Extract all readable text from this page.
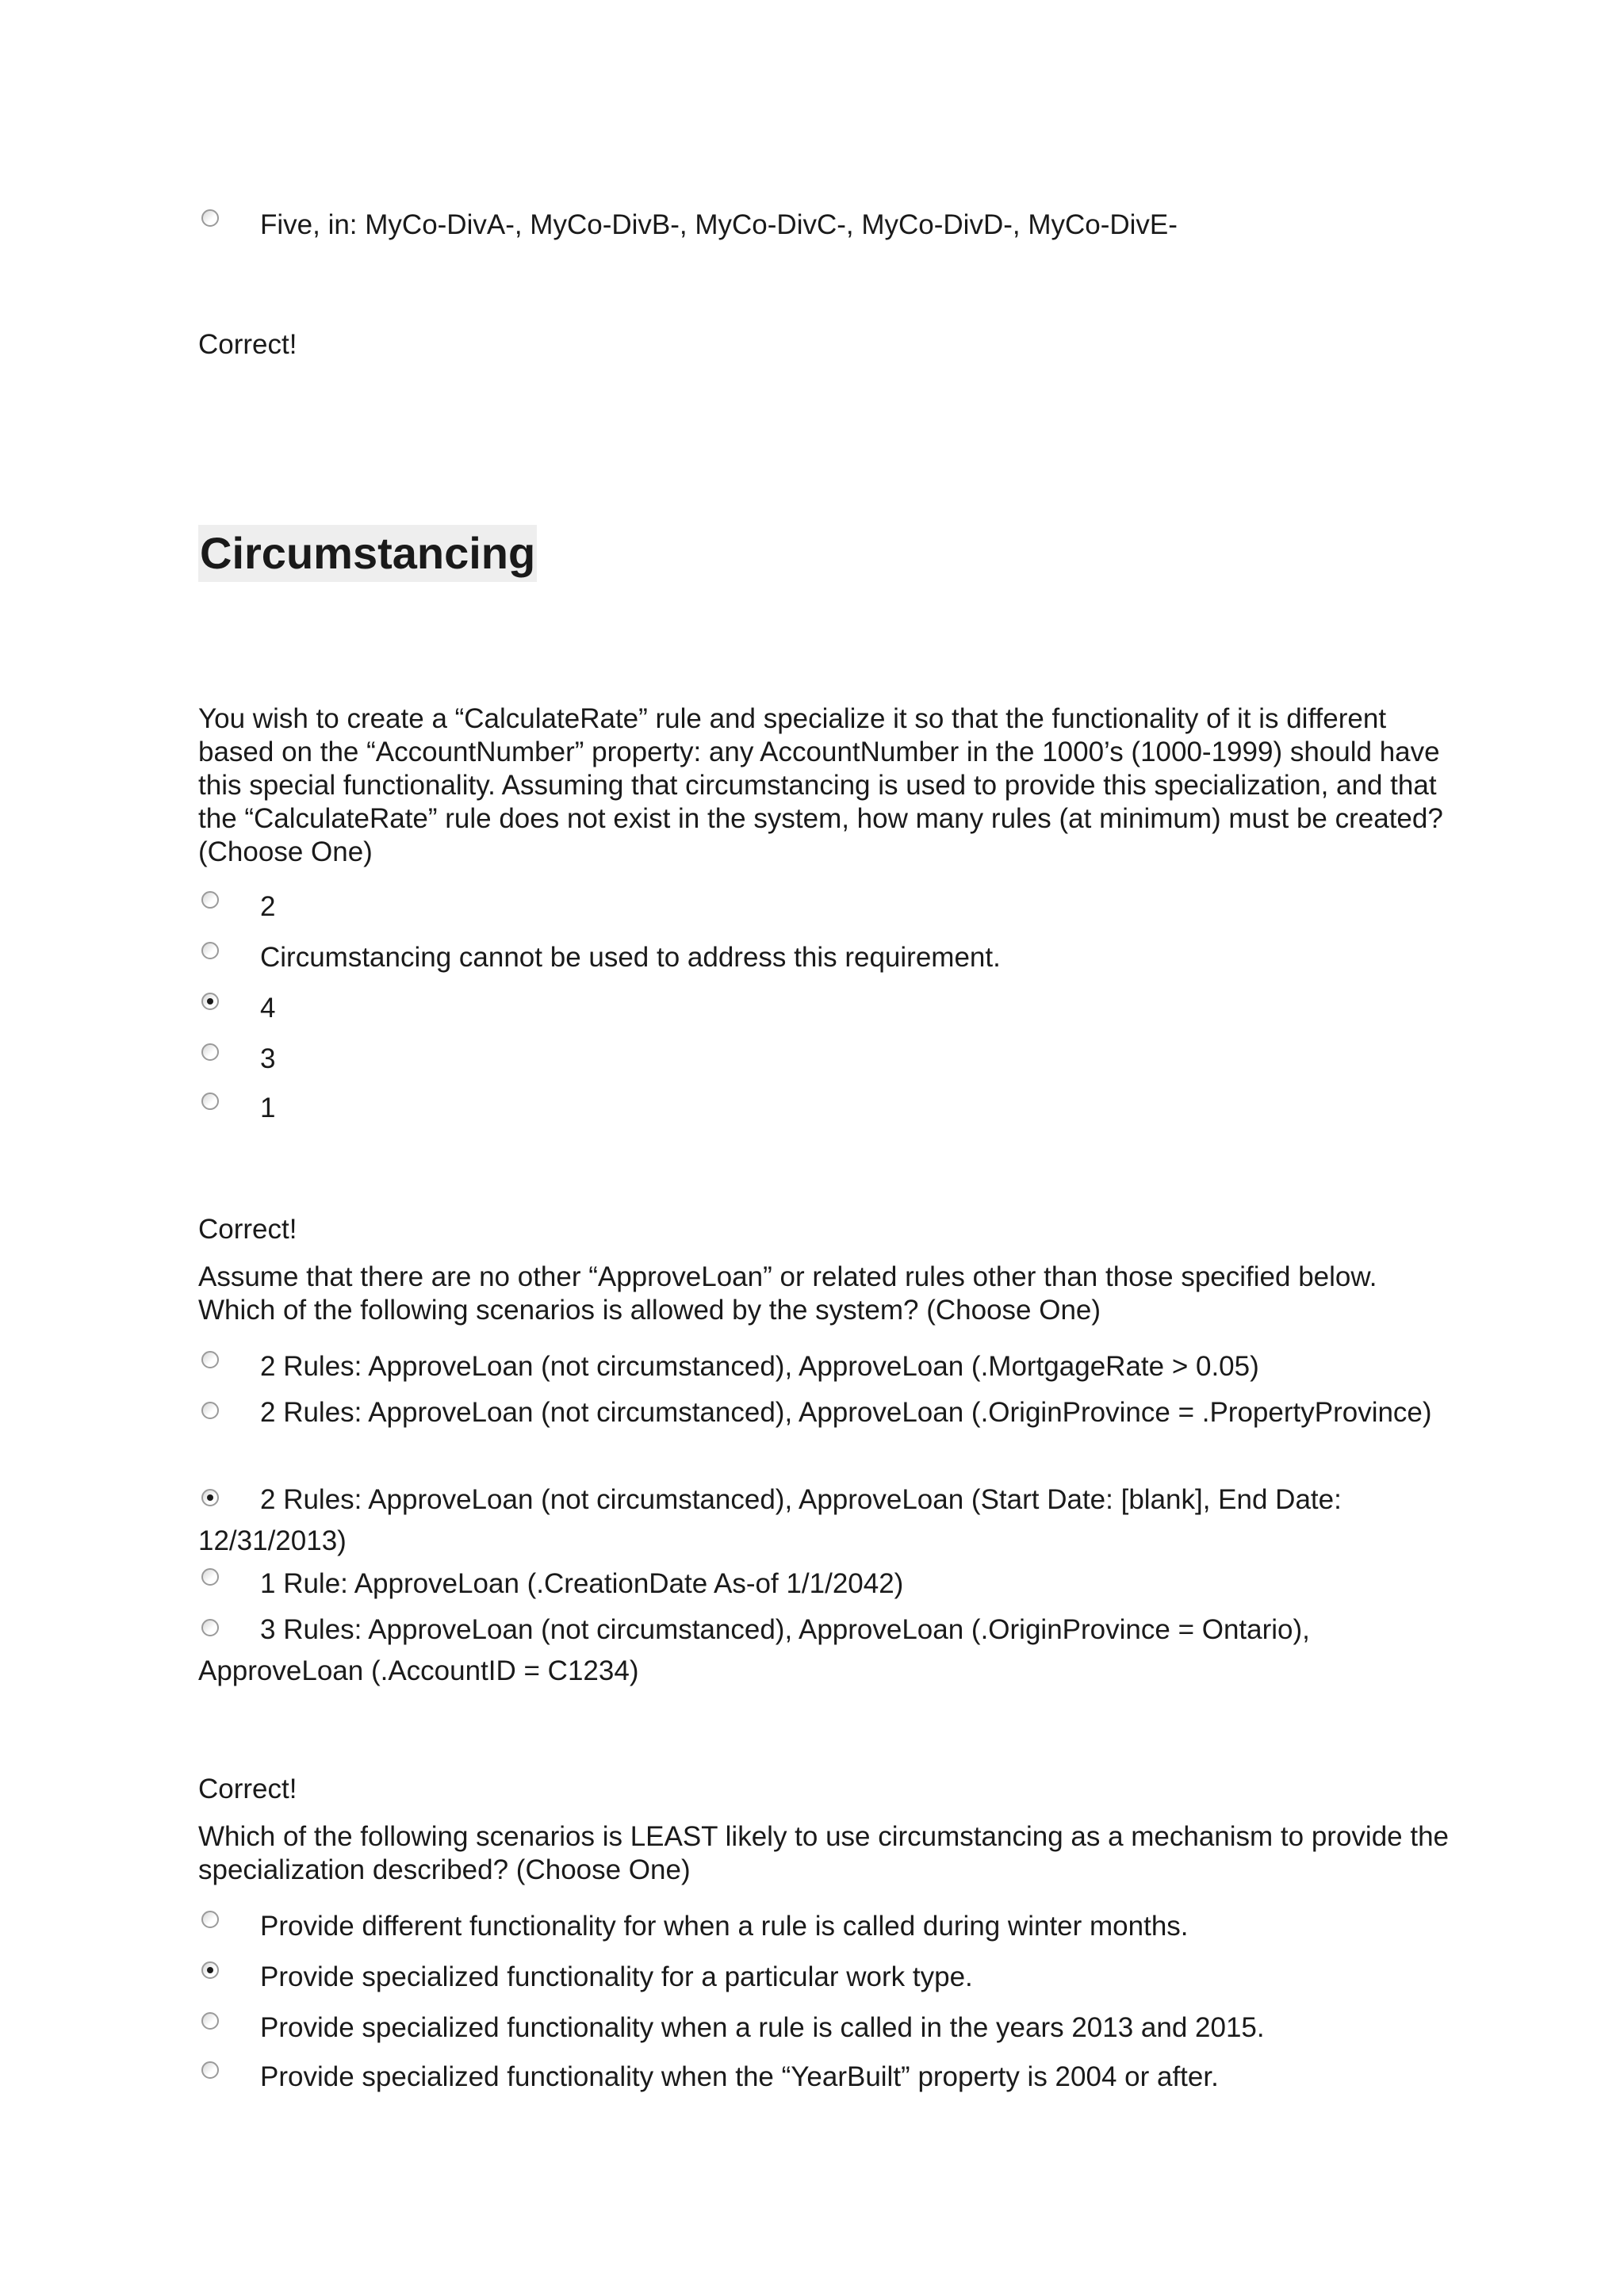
Five, in: MyCo-DivA-, MyCo-DivB-, MyCo-DivC-, MyCo-DivD-, MyCo-DivE-
Correct!
Circumstancing
You wish to create a “CalculateRate” rule and specialize it so that the functionality of it is different based on the “AccountNumber” property: any AccountNumber in the 1000’s (1000-1999) should have this special functionality. Assuming that circumstancing is used to provide this specialization, and that the “CalculateRate” rule does not exist in the system, how many rules (at minimum) must be created? (Choose One)
2
Circumstancing cannot be used to address this requirement.
4
3
1
Correct!
Assume that there are no other “ApproveLoan” or related rules other than those specified below. Which of the following scenarios is allowed by the system? (Choose One)
2 Rules: ApproveLoan (not circumstanced), ApproveLoan (.MortgageRate > 0.05)
2 Rules: ApproveLoan (not circumstanced), ApproveLoan (.OriginProvince = .PropertyProvince)
2 Rules: ApproveLoan (not circumstanced), ApproveLoan (Start Date: [blank], End Date: 12/31/2013)
1 Rule: ApproveLoan (.CreationDate As-of 1/1/2042)
3 Rules: ApproveLoan (not circumstanced), ApproveLoan (.OriginProvince = Ontario), ApproveLoan (.AccountID = C1234)
Correct!
Which of the following scenarios is LEAST likely to use circumstancing as a mechanism to provide the specialization described? (Choose One)
Provide different functionality for when a rule is called during winter months.
Provide specialized functionality for a particular work type.
Provide specialized functionality when a rule is called in the years 2013 and 2015.
Provide specialized functionality when the “YearBuilt” property is 2004 or after.
